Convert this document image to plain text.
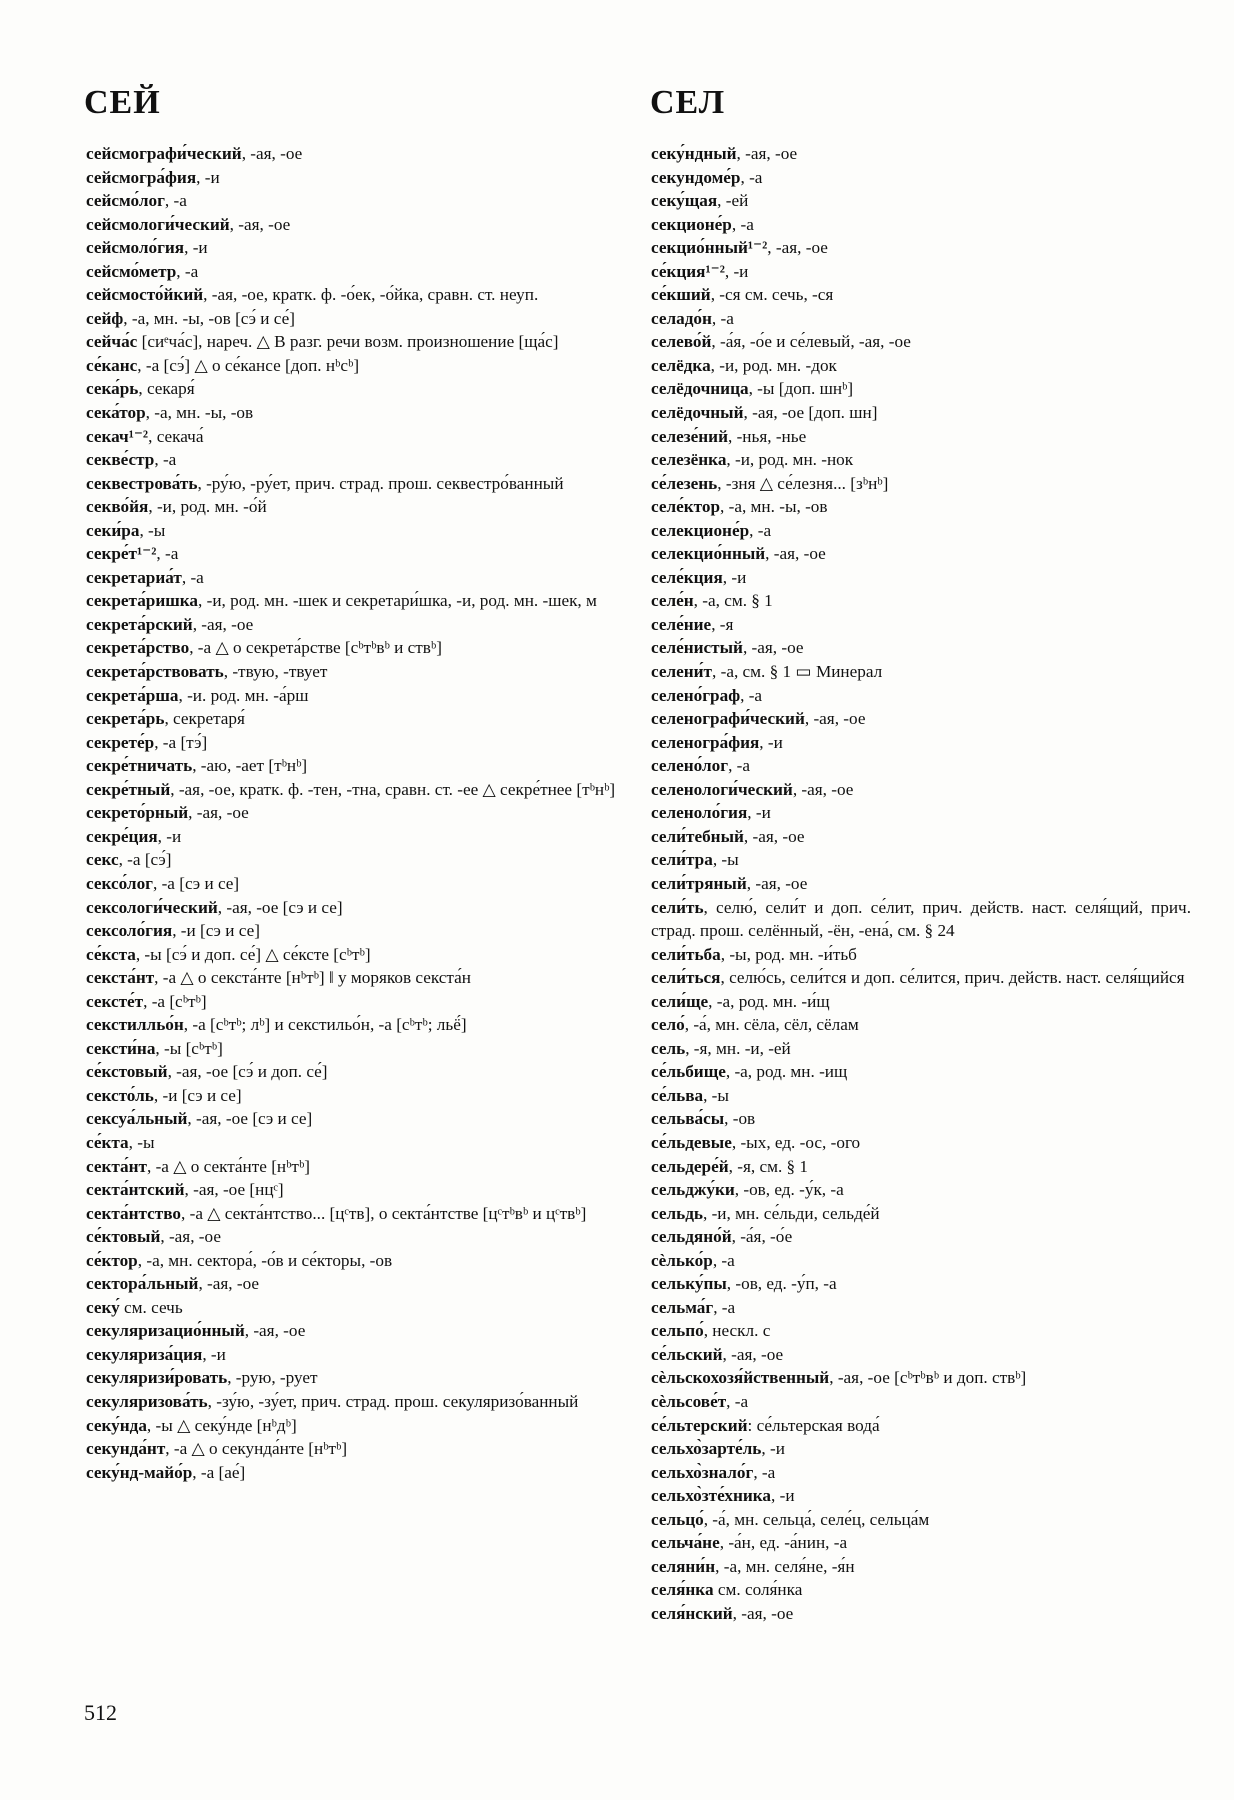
СЕЙ	СЕЛ

сейсмографи́ческий, -ая, -ое

сейсмогра́фия, -и

сейсмо́лог, -а

сейсмологи́ческий, -ая, -ое

сейсмоло́гия, -и

сейсмо́метр, -а

сейсмосто́йкий, -ая, -ое, кратк. ф. -о́ек, -о́йка, сравн. ст. неуп.

сейф, -а, мн. -ы, -ов [сэ́ и се́]

сейча́с [сиᵉча́с], нареч. △ В разг. речи возм. произношение [ща́с]

се́канс, -а [сэ́] △ о се́кансе [доп. нᵇсᵇ]

сека́рь, секаря́

сека́тор, -а, мн. -ы, -ов

секач¹⁻², секача́

секве́стр, -а

секвестрова́ть, -ру́ю, -ру́ет, прич. страд. прош. секвестро́ванный

секво́йя, -и, род. мн. -о́й

секи́ра, -ы

секре́т¹⁻², -а

секретариа́т, -а

секрета́ришка, -и, род. мн. -шек и секретари́шка, -и, род. мн. -шек, м

секрета́рский, -ая, -ое

секрета́рство, -а △ о секрета́рстве [cᵇтᵇвᵇ и ствᵇ]

секрета́рствовать, -твую, -твует

секрета́рша, -и. род. мн. -а́рш

секрета́рь, секретаря́

секрете́р, -а [тэ́]

секре́тничать, -аю, -ает [тᵇнᵇ]

секре́тный, -ая, -ое, кратк. ф. -тен, -тна, сравн. ст. -ее △ секре́тнее [тᵇнᵇ]

секрето́рный, -ая, -ое

секре́ция, -и

секс, -а [сэ́]

сексо́лог, -а [сэ и се]

сексологи́ческий, -ая, -ое [сэ и се]

сексоло́гия, -и [сэ и се]

се́кста, -ы [сэ́ и доп. се́] △ се́ксте [cᵇтᵇ]

секста́нт, -а △ о секста́нте [нᵇтᵇ] ‖ у моряков секста́н

сексте́т, -а [cᵇтᵇ]

секстилльо́н, -а [cᵇтᵇ; лᵇ] и секстильо́н, -а [cᵇтᵇ; льё́]

сексти́на, -ы [cᵇтᵇ]

се́кстовый, -ая, -ое [сэ́ и доп. се́]

сексто́ль, -и [сэ и се]

сексуа́льный, -ая, -ое [сэ и се]

се́кта, -ы

секта́нт, -а △ о секта́нте [нᵇтᵇ]

секта́нтский, -ая, -ое [нцᶜ]

секта́нтство, -а △ секта́нтство... [цᶜтв], о секта́нтстве [цᶜтᵇвᵇ и цᶜтвᵇ]

се́ктовый, -ая, -ое

се́ктор, -а, мн. сектора́, -о́в и се́кторы, -ов

сектора́льный, -ая, -ое

секу́ см. сечь

секуляризацио́нный, -ая, -ое

секуляриза́ция, -и

секуляризи́ровать, -рую, -рует

секуляризова́ть, -зу́ю, -зу́ет, прич. страд. прош. секуляризо́ванный

секу́нда, -ы △ секу́нде [нᵇдᵇ]

секунда́нт, -а △ о секунда́нте [нᵇтᵇ]

секу́нд-майо́р, -а [ае́]

секу́ндный, -ая, -ое

секундоме́р, -а

секу́щая, -ей

секционе́р, -а

секцио́нный¹⁻², -ая, -ое

се́кция¹⁻², -и

се́кший, -ся см. сечь, -ся

селадо́н, -а

селево́й, -а́я, -о́е и се́левый, -ая, -ое

селёдка, -и, род. мн. -док

селёдочница, -ы [доп. шнᵇ]

селёдочный, -ая, -ое [доп. шн]

селезе́ний, -нья, -нье

селезёнка, -и, род. мн. -нок

се́лезень, -зня △ се́лезня... [зᵇнᵇ]

селе́ктор, -а, мн. -ы, -ов

селекционе́р, -а

селекцио́нный, -ая, -ое

селе́кция, -и

селе́н, -а, см. § 1

селе́ние, -я

селе́нистый, -ая, -ое

селени́т, -а, см. § 1 ▭ Минерал

селено́граф, -а

селенографи́ческий, -ая, -ое

селеногра́фия, -и

селено́лог, -а

селенологи́ческий, -ая, -ое

селеноло́гия, -и

сели́тебный, -ая, -ое

сели́тра, -ы

сели́тряный, -ая, -ое

сели́ть, селю́, сели́т и доп. се́лит, прич. действ. наст. селя́щий, прич. страд. прош. селённый, -ён, -ена́, см. § 24

сели́тьба, -ы, род. мн. -и́тьб

сели́ться, селю́сь, сели́тся и доп. се́лится, прич. действ. наст. селя́щийся

сели́ще, -а, род. мн. -и́щ

село́, -а́, мн. сёла, сёл, сёлам

сель, -я, мн. -и, -ей

се́льбище, -а, род. мн. -ищ

се́льва, -ы

сельва́сы, -ов

се́льдевые, -ых, ед. -ос, -ого

сельдере́й, -я, см. § 1

сельджу́ки, -ов, ед. -у́к, -а

сельдь, -и, мн. се́льди, сельде́й

сельдяно́й, -а́я, -о́е

сѐлько́р, -а

сельку́пы, -ов, ед. -у́п, -а

сельма́г, -а

сельпо́, нескл. с

се́льский, -ая, -ое

сѐльскохозя́йственный, -ая, -ое [cᵇтᵇвᵇ и доп. ствᵇ]

сѐльсове́т, -а

се́льтерский: се́льтерская вода́

сельхо̀зарте́ль, -и

сельхо̀знало́г, -а

сельхо̀зте́хника, -и

сельцо́, -а́, мн. сельца́, селе́ц, сельца́м

сельча́не, -а́н, ед. -а́нин, -а

селяни́н, -а, мн. селя́не, -я́н

селя́нка см. соля́нка

селя́нский, -ая, -ое

512
